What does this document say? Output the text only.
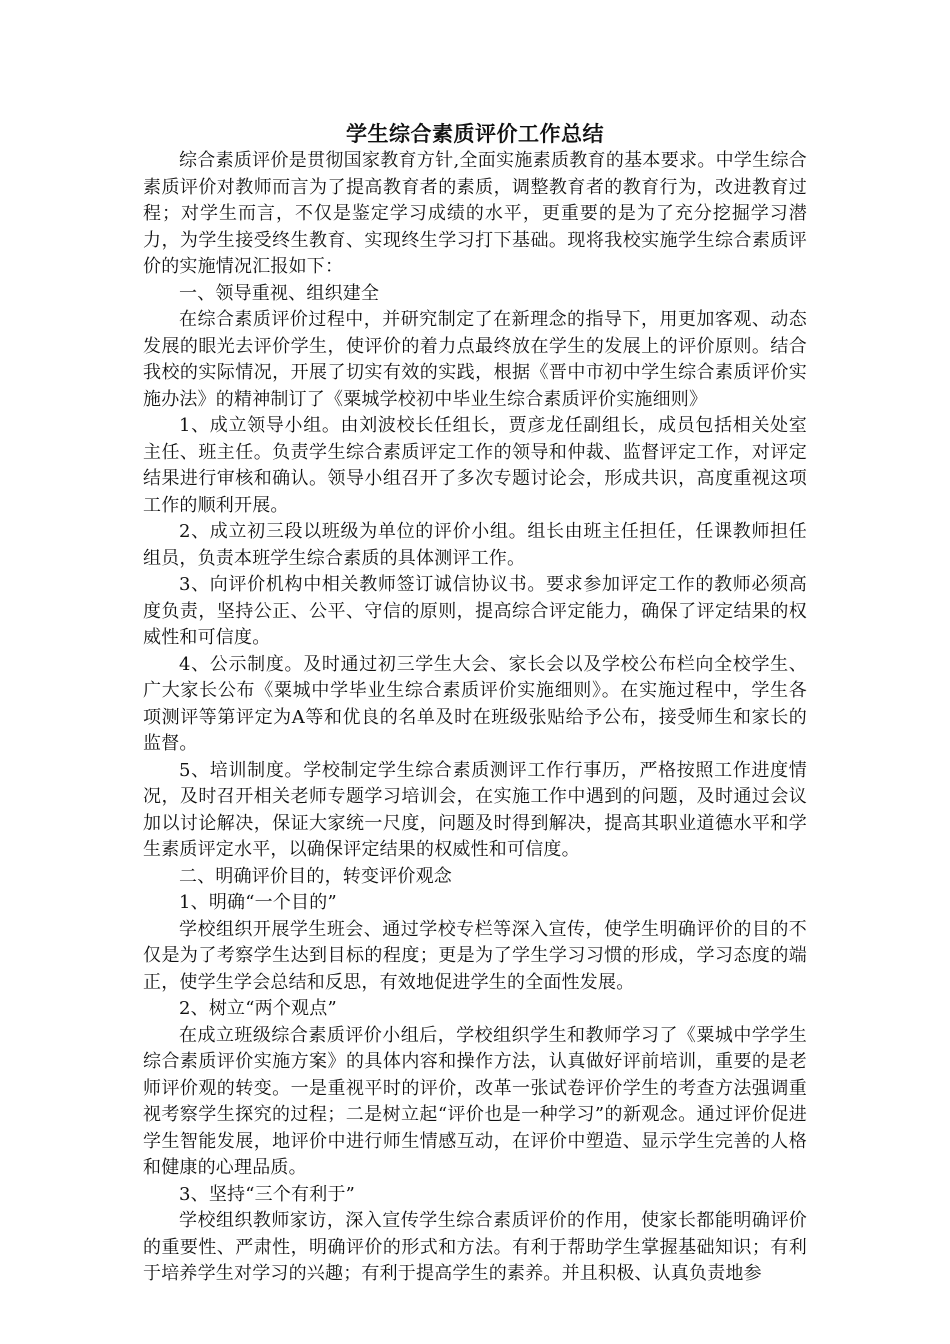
学生综合素质评价工作总结

综合素质评价是贯彻国家教育方针,全面实施素质教育的基本要求。中学生综合素质评价对教师而言为了提高教育者的素质，调整教育者的教育行为，改进教育过程；对学生而言，不仅是鉴定学习成绩的水平，更重要的是为了充分挖掘学习潜力，为学生接受终生教育、实现终生学习打下基础。现将我校实施学生综合素质评价的实施情况汇报如下：

一、领导重视、组织建全

在综合素质评价过程中，并研究制定了在新理念的指导下，用更加客观、动态发展的眼光去评价学生，使评价的着力点最终放在学生的发展上的评价原则。结合我校的实际情况，开展了切实有效的实践，根据《晋中市初中学生综合素质评价实施办法》的精神制订了《粟城学校初中毕业生综合素质评价实施细则》

1、成立领导小组。由刘波校长任组长，贾彦龙任副组长，成员包括相关处室主任、班主任。负责学生综合素质评定工作的领导和仲裁、监督评定工作，对评定结果进行审核和确认。领导小组召开了多次专题讨论会，形成共识，高度重视这项工作的顺利开展。

2、成立初三段以班级为单位的评价小组。组长由班主任担任，任课教师担任组员，负责本班学生综合素质的具体测评工作。

3、向评价机构中相关教师签订诚信协议书。要求参加评定工作的教师必须高度负责，坚持公正、公平、守信的原则，提高综合评定能力，确保了评定结果的权威性和可信度。

4、公示制度。及时通过初三学生大会、家长会以及学校公布栏向全校学生、广大家长公布《粟城中学毕业生综合素质评价实施细则》。在实施过程中，学生各项测评等第评定为A等和优良的名单及时在班级张贴给予公布，接受师生和家长的监督。

5、培训制度。学校制定学生综合素质测评工作行事历，严格按照工作进度情况，及时召开相关老师专题学习培训会，在实施工作中遇到的问题，及时通过会议加以讨论解决，保证大家统一尺度，问题及时得到解决，提高其职业道德水平和学生素质评定水平，以确保评定结果的权威性和可信度。

二、明确评价目的，转变评价观念

1、明确“一个目的”

学校组织开展学生班会、通过学校专栏等深入宣传，使学生明确评价的目的不仅是为了考察学生达到目标的程度；更是为了学生学习习惯的形成，学习态度的端正，使学生学会总结和反思，有效地促进学生的全面性发展。

2、树立“两个观点”

在成立班级综合素质评价小组后，学校组织学生和教师学习了《粟城中学学生综合素质评价实施方案》的具体内容和操作方法，认真做好评前培训，重要的是老师评价观的转变。一是重视平时的评价，改革一张试卷评价学生的考查方法强调重视考察学生探究的过程；二是树立起“评价也是一种学习”的新观念。通过评价促进学生智能发展，地评价中进行师生情感互动，在评价中塑造、显示学生完善的人格和健康的心理品质。

3、坚持“三个有利于”

学校组织教师家访，深入宣传学生综合素质评价的作用，使家长都能明确评价的重要性、严肃性，明确评价的形式和方法。有利于帮助学生掌握基础知识；有利于培养学生对学习的兴趣；有利于提高学生的素养。并且积极、认真负责地参
